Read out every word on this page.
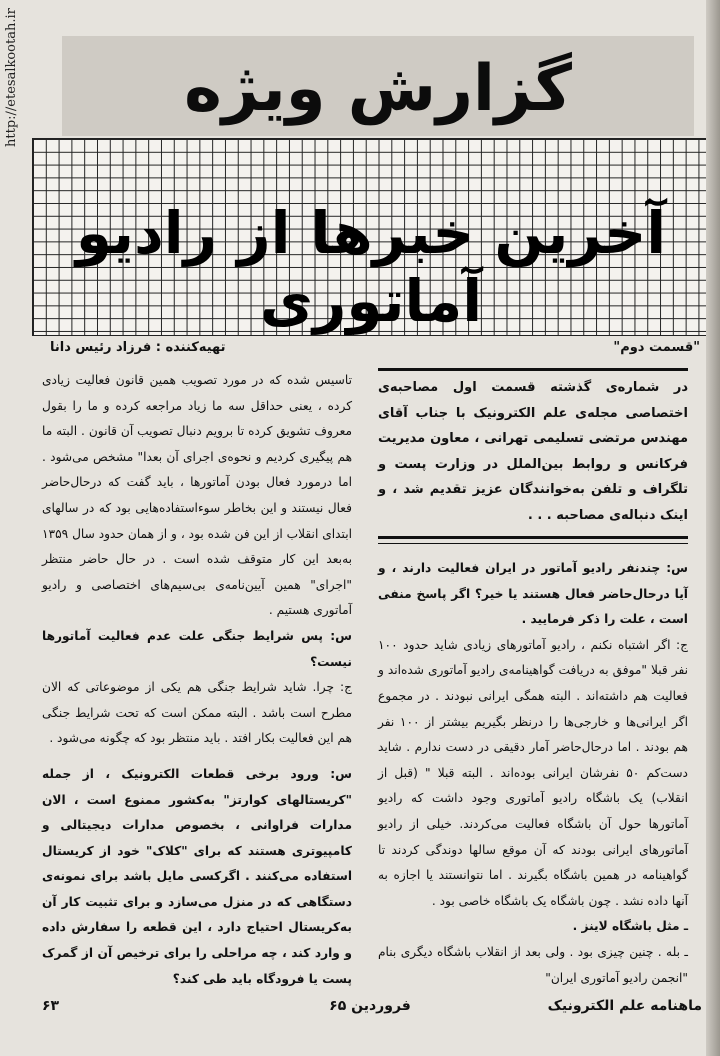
http://etesalkootah.ir	گزارش ویژه
آخرین خبرها از رادیو آماتوری
"قسمت دوم"
تهیه‌کننده : فرزاد رئیس دانا

در شماره‌ی گذشته قسمت اول مصاحبه‌ی اختصاصی مجله‌ی علم الکترونیک با جناب آقای مهندس مرتضی تسلیمی تهرانی ، معاون مدیریت فرکانس و روابط بین‌الملل در وزارت پست و تلگراف و تلفن به‌خوانندگان عزیز تقدیم شد ، و اینک دنباله‌ی مصاحبه . . .

س: چندنفر رادیو آماتور در ایران فعالیت دارند ، و آیا درحال‌حاضر فعال هستند یا خیر؟ اگر پاسخ منفی است ، علت را ذکر فرمایید .

ج: اگر اشتباه نکنم ، رادیو آماتورهای زیادی شاید حدود ۱۰۰ نفر قبلا "موفق به دریافت گواهینامه‌ی رادیو آماتوری شده‌اند و فعالیت هم داشته‌اند . البته همگی ایرانی نبودند . در مجموع اگر ایرانی‌ها و خارجی‌ها را درنظر بگیریم بیشتر از ۱۰۰ نفر هم بودند . اما درحال‌حاضر آمار دقیقی در دست ندارم . شاید دست‌کم ۵۰ نفرشان ایرانی بوده‌اند . البته قبلا " (قبل از انقلاب) یک باشگاه رادیو آماتوری وجود داشت که رادیو آماتورها حول آن باشگاه فعالیت می‌کردند. خیلی از رادیو آماتورهای ایرانی بودند که آن موقع سالها دوندگی کردند تا گواهینامه در همین باشگاه بگیرند . اما نتوانستند یا اجازه به آنها داده نشد . چون باشگاه یک باشگاه خاصی بود .

ـ مثل باشگاه لاینز .

ـ بله . چنین چیزی بود . ولی بعد از انقلاب باشگاه دیگری بنام "انجمن رادیو آماتوری ایران"

تاسیس شده که در مورد تصویب همین قانون فعالیت زیادی کرده ، یعنی حداقل سه ما زیاد مراجعه کرده و ما را بقول معروف تشویق کرده تا برویم دنبال تصویب آن قانون . البته ما هم پیگیری کردیم و نحوه‌ی اجرای آن بعدا" مشخص می‌شود . اما درمورد فعال بودن آماتورها ، باید گفت که درحال‌حاضر فعال نیستند و این بخاطر سوءاستفاده‌هایی بود که در سالهای ابتدای انقلاب از این فن شده بود ، و از همان حدود سال ۱۳۵۹ به‌بعد این کار متوقف شده است . در حال حاضر منتظر "اجرای" همین آیین‌نامه‌ی بی‌سیم‌های اختصاصی و رادیو آماتوری هستیم .

س: پس شرایط جنگی علت عدم فعالیت آماتورها نیست؟

ج: چرا. شاید شرایط جنگی هم یکی از موضوعاتی که الان مطرح است باشد . البته ممکن است که تحت شرایط جنگی هم این فعالیت بکار افتد . باید منتظر بود که چگونه می‌شود .

س: ورود برخی قطعات الکترونیک ، از جمله "کریستالهای کوارتز" به‌کشور ممنوع است ، الان مدارات فراوانی ، بخصوص مدارات دیجیتالی و کامپیوتری هستند که برای "کلاک" خود از کریستال استفاده می‌کنند . اگرکسی مایل باشد برای نمونه‌ی دستگاهی که در منزل می‌سازد و برای تثبیت کار آن به‌کریستال احتیاج دارد ، این قطعه را سفارش داده و وارد کند ، چه مراحلی را برای ترخیص آن از گمرک پست یا فرودگاه باید طی کند؟

ماهنامه علم الکترونیک
فروردین ۶۵
۶۳
